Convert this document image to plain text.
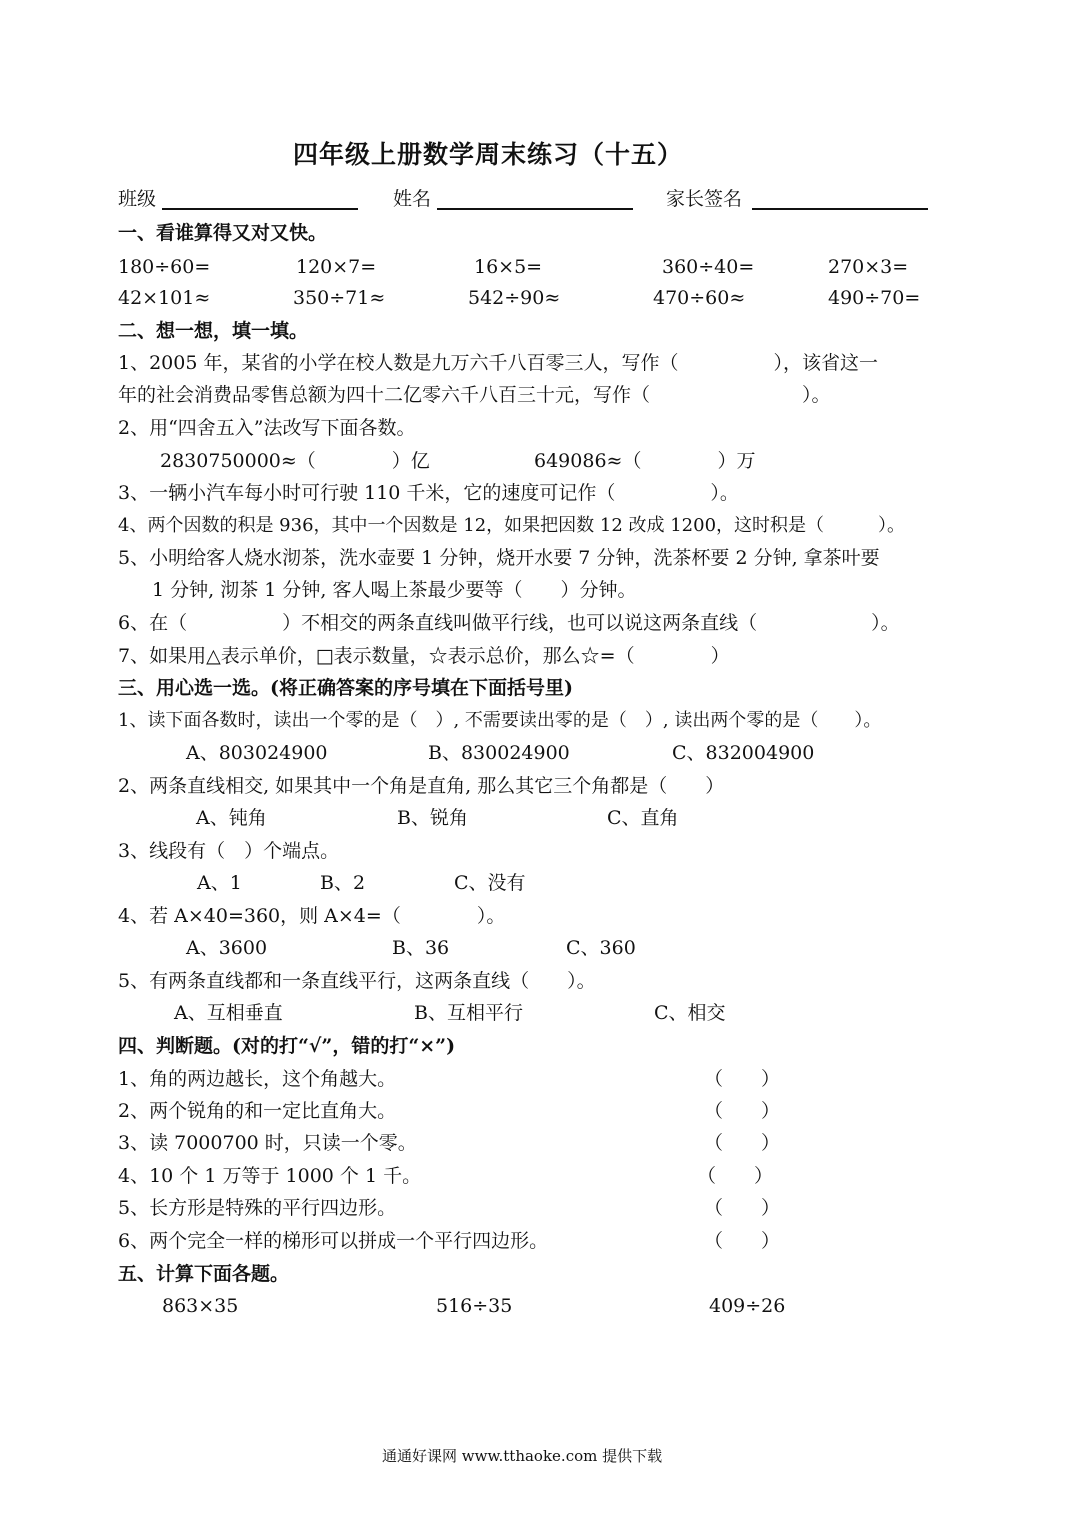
四年级上册数学周末练习（十五）
班级	姓名	家长签名
一、看谁算得又对又快。
180÷60=	120×7=	16×5=	360÷40=	270×3=
42×101≈	350÷71≈	542÷90≈	470÷60≈	490÷70=
二、想一想，填一填。
1、2005 年，某省的小学在校人数是九万六千八百零三人，写作（　　　　　），该省这一
年的社会消费品零售总额为四十二亿零六千八百三十元，写作（　　　　　　　　）。
2、用“四舍五入”法改写下面各数。
2830750000≈（　　　　）亿	649086≈（　　　　）万
3、一辆小汽车每小时可行驶 110 千米，它的速度可记作（　　　　　）。
4、两个因数的积是 936，其中一个因数是 12，如果把因数 12 改成 1200，这时积是（　　　）。
5、小明给客人烧水沏茶，洗水壶要 1 分钟，烧开水要 7 分钟，洗茶杯要 2 分钟, 拿茶叶要
1 分钟, 沏茶 1 分钟, 客人喝上茶最少要等（　　）分钟。
6、在（　　　　　）不相交的两条直线叫做平行线，也可以说这两条直线（　　　　　　）。
7、如果用△表示单价，□表示数量，☆表示总价，那么☆=（　　　　）
三、用心选一选。(将正确答案的序号填在下面括号里)
1、读下面各数时，读出一个零的是（　）, 不需要读出零的是（　）, 读出两个零的是（　　）。
A、803024900	B、830024900	C、832004900
2、两条直线相交, 如果其中一个角是直角, 那么其它三个角都是（　　）
A、钝角	B、锐角	C、直角
3、线段有（　）个端点。
A、1	B、2	C、没有
4、若 A×40=360，则 A×4=（　　　　）。
A、3600	B、36	C、360
5、有两条直线都和一条直线平行，这两条直线（　　）。
A、互相垂直	B、互相平行	C、相交
四、判断题。(对的打“√”，错的打“×”)
1、角的两边越长，这个角越大。	（　　）
2、两个锐角的和一定比直角大。	（　　）
3、读 7000700 时，只读一个零。	（　　）
4、10 个 1 万等于 1000 个 1 千。	（　　）
5、长方形是特殊的平行四边形。	（　　）
6、两个完全一样的梯形可以拼成一个平行四边形。	（　　）
五、计算下面各题。
863×35	516÷35	409÷26
通通好课网 www.tthaoke.com 提供下载
